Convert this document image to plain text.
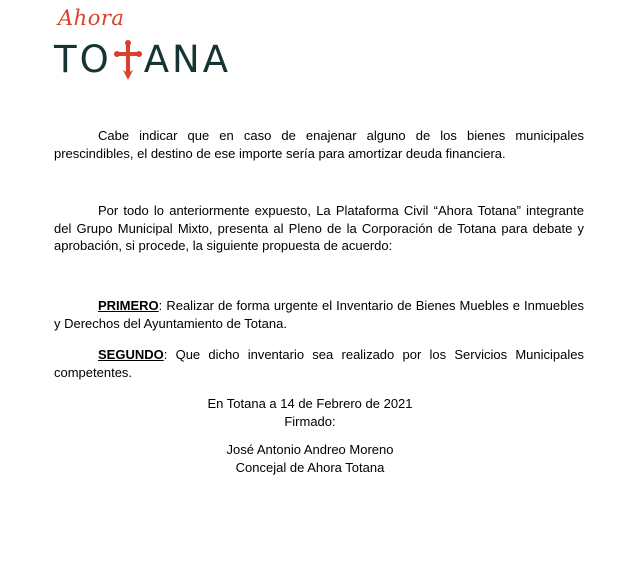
Ahora
TO ANA

Cabe indicar que en caso de enajenar alguno de los bienes municipales prescindibles, el destino de ese importe sería para amortizar deuda financiera.

Por todo lo anteriormente expuesto, La Plataforma Civil “Ahora Totana” integrante del Grupo Municipal Mixto, presenta al Pleno de la Corporación de Totana para debate y aprobación, si procede, la siguiente propuesta de acuerdo:

PRIMERO: Realizar de forma urgente el Inventario de Bienes Muebles e Inmuebles y Derechos del Ayuntamiento de Totana.

SEGUNDO: Que dicho inventario sea realizado por los Servicios Municipales competentes.

En Totana a 14 de Febrero de 2021
Firmado:
José Antonio Andreo Moreno
Concejal de Ahora Totana
